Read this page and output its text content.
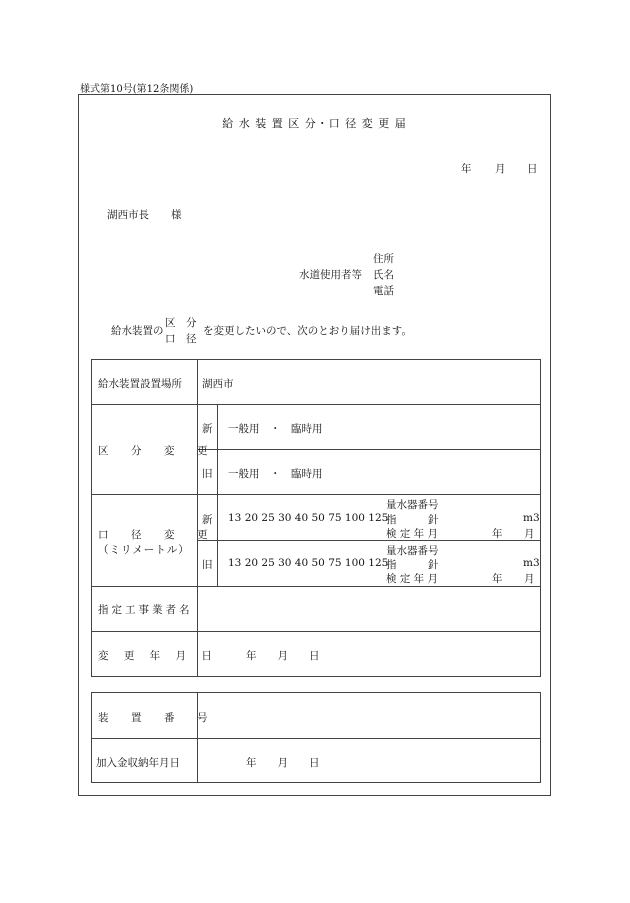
様式第10号(第12条関係)
給 水 装 置 区 分・口 径 変 更 届
年 月 日
湖西市長 様
住所
水道使用者等 氏名
電話
給水装置の
区　分
口　径
を変更したいので、次のとおり届け出ます。
給水装置設置場所 湖西市
区　分　変　更
新 一般用　・　臨時用
旧 一般用　・　臨時用
口　径　変　更
（ミリメートル）
新 13 20 25 30 40 50 75 100 125
量水器番号
指　　　針	m3
検 定 年 月	年 月
旧 13 20 25 30 40 50 75 100 125
量水器番号
指　　　針	m3
検 定 年 月	年 月
指定工事業者名
変 更 年 月 日	年　　月　　日
装　置　番　号
加入金収納年月日	年　　月　　日
